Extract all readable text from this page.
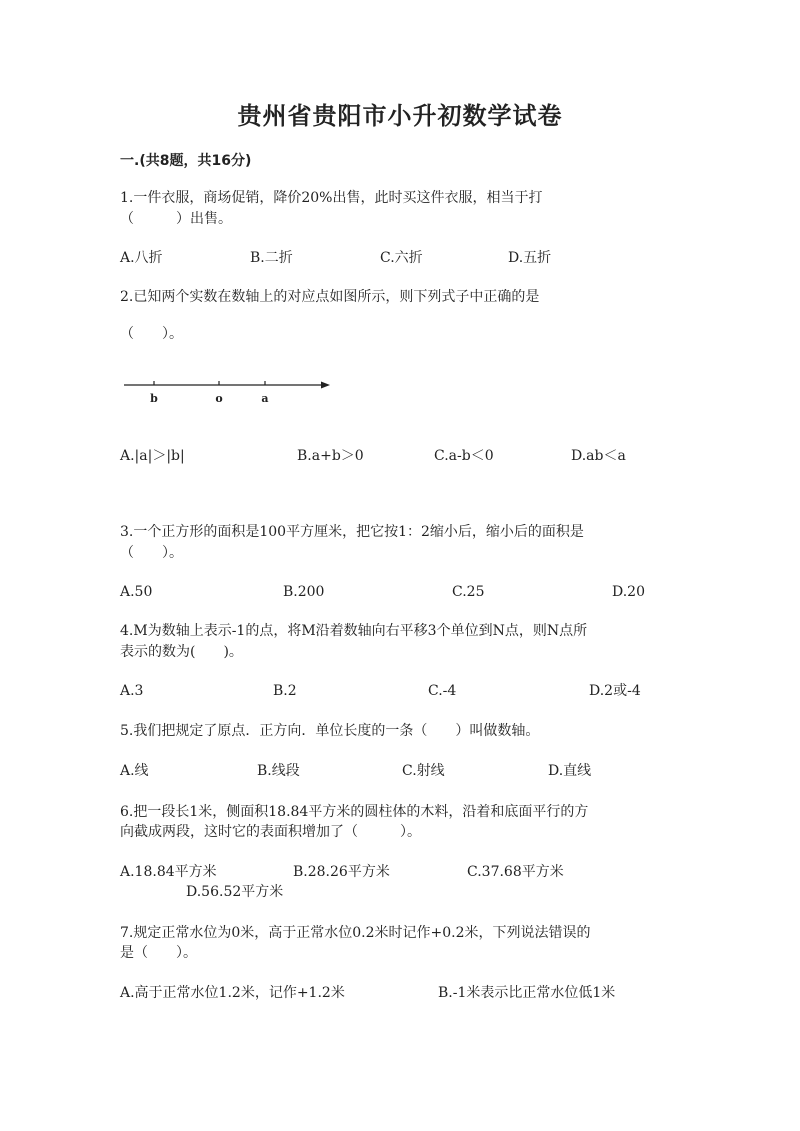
贵州省贵阳市小升初数学试卷
一.(共8题，共16分)
1.一件衣服，商场促销，降价20%出售，此时买这件衣服，相当于打
（　　　）出售。
A.八折	B.二折	C.六折	D.五折
2.已知两个实数在数轴上的对应点如图所示，则下列式子中正确的是
（　　）。
b	o	a
A.|a|＞|b|	B.a+b＞0	C.a-b＜0	D.ab＜a
3.一个正方形的面积是100平方厘米，把它按1：2缩小后，缩小后的面积是
（　　）。
A.50	B.200	C.25	D.20
4.M为数轴上表示-1的点，将M沿着数轴向右平移3个单位到N点，则N点所
表示的数为(　　)。
A.3	B.2	C.-4	D.2或-4
5.我们把规定了原点．正方向．单位长度的一条（　　）叫做数轴。
A.线	B.线段	C.射线	D.直线
6.把一段长1米，侧面积18.84平方米的圆柱体的木料，沿着和底面平行的方
向截成两段，这时它的表面积增加了（　　　）。
A.18.84平方米	B.28.26平方米	C.37.68平方米
D.56.52平方米
7.规定正常水位为0米，高于正常水位0.2米时记作+0.2米，下列说法错误的
是（　　）。
A.高于正常水位1.2米，记作+1.2米	B.-1米表示比正常水位低1米
